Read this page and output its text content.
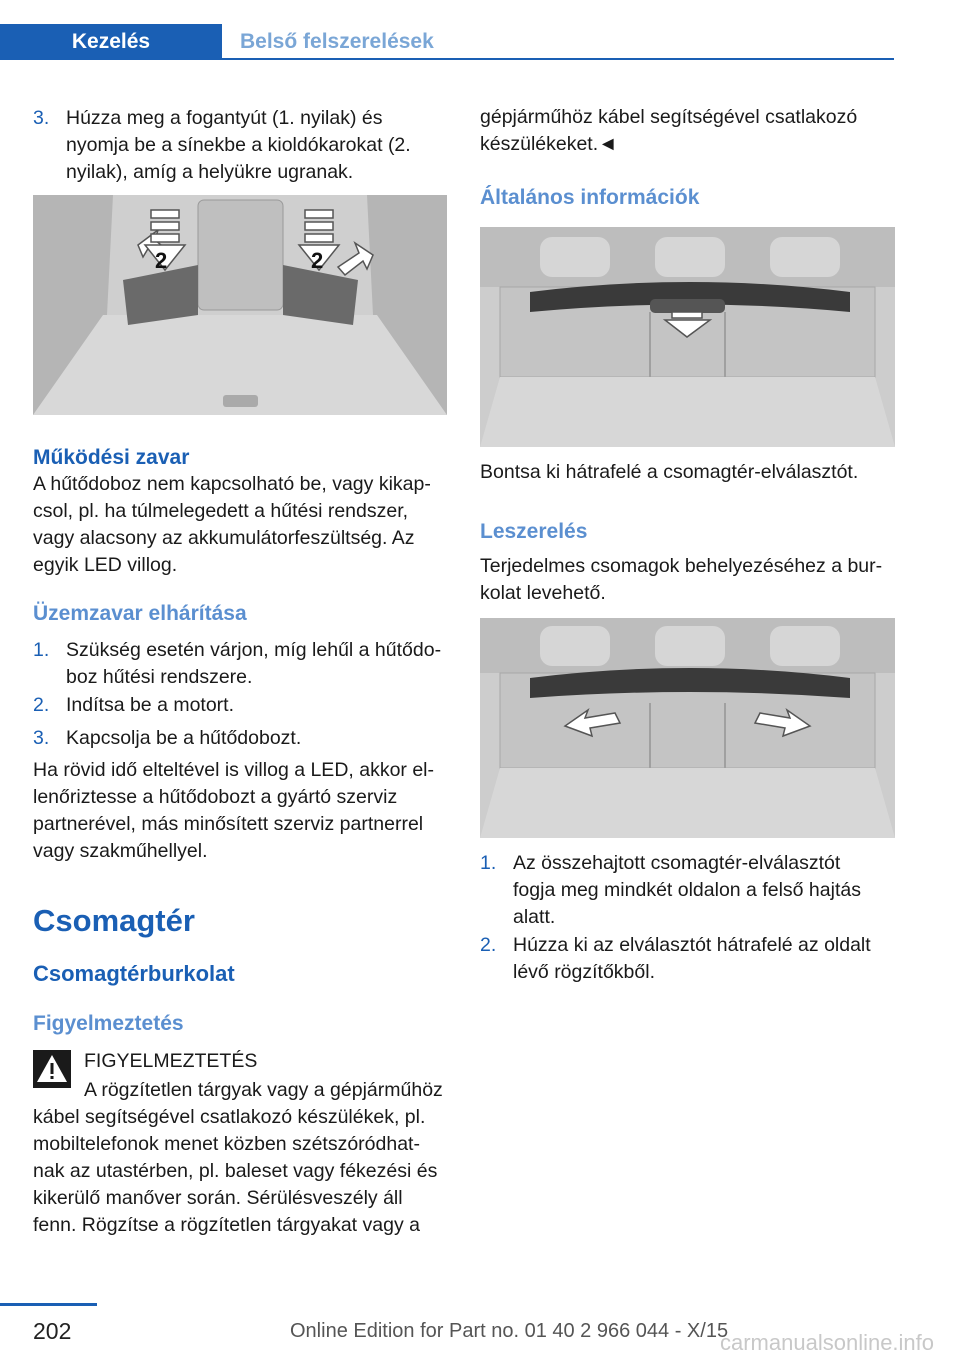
Kezelés	Belső felszerelések
3. Húzza meg a fogantyút (1. nyilak) és
nyomja be a sínekbe a kioldókarokat (2.
nyilak), amíg a helyükre ugranak.
2	2
Működési zavar
A hűtődoboz nem kapcsolható be, vagy kikap-
csol, pl. ha túlmelegedett a hűtési rendszer,
vagy alacsony az akkumulátorfeszültség. Az
egyik LED villog.
Üzemzavar elhárítása
1. Szükség esetén várjon, míg lehűl a hűtődo-
boz hűtési rendszere.
2. Indítsa be a motort.
3. Kapcsolja be a hűtődobozt.
Ha rövid idő elteltével is villog a LED, akkor el-
lenőriztesse a hűtődobozt a gyártó szerviz
partnerével, más minősített szerviz partnerrel
vagy szakműhellyel.
Csomagtér
Csomagtérburkolat
Figyelmeztetés
FIGYELMEZTETÉS
A rögzítetlen tárgyak vagy a gépjárműhöz
kábel segítségével csatlakozó készülékek, pl.
mobiltelefonok menet közben szétszóródhat-
nak az utastérben, pl. baleset vagy fékezési és
kikerülő manőver során. Sérülésveszély áll
fenn. Rögzítse a rögzítetlen tárgyakat vagy a
gépjárműhöz kábel segítségével csatlakozó
készülékeket.◄
Általános információk
Bontsa ki hátrafelé a csomagtér-elválasztót.
Leszerelés
Terjedelmes csomagok behelyezéséhez a bur-
kolat levehető.
1. Az összehajtott csomagtér-elválasztót
fogja meg mindkét oldalon a felső hajtás
alatt.
2. Húzza ki az elválasztót hátrafelé az oldalt
lévő rögzítőkből.
202	Online Edition for Part no. 01 40 2 966 044 - X/15
carmanualsonline.info
